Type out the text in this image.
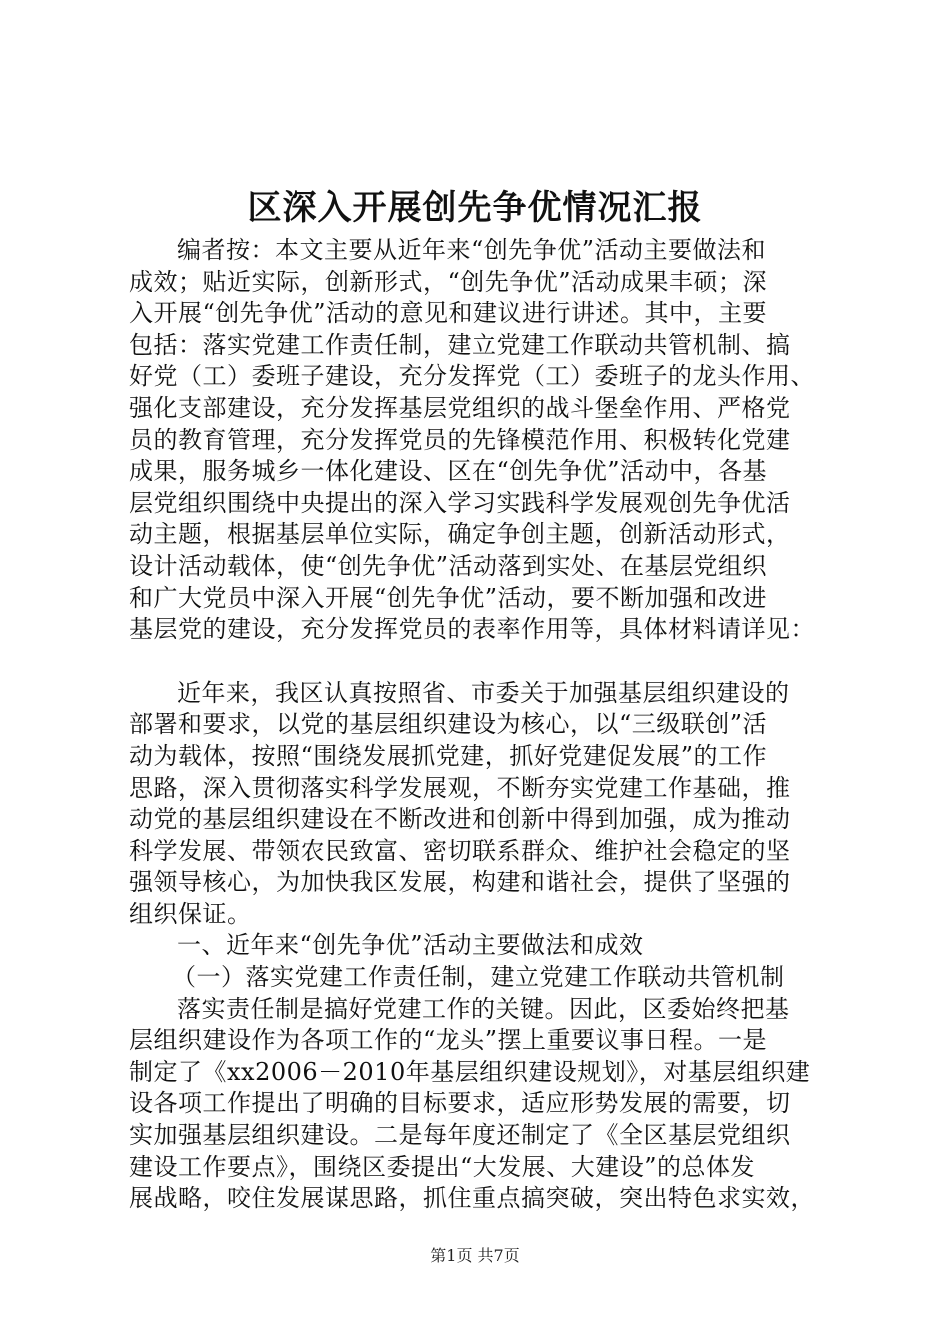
区深入开展创先争优情况汇报
编者按：本文主要从近年来“创先争优”活动主要做法和
成效；贴近实际，创新形式，“创先争优”活动成果丰硕；深
入开展“创先争优”活动的意见和建议进行讲述。其中，主要
包括：落实党建工作责任制，建立党建工作联动共管机制、搞
好党（工）委班子建设，充分发挥党（工）委班子的龙头作用、
强化支部建设，充分发挥基层党组织的战斗堡垒作用、严格党
员的教育管理，充分发挥党员的先锋模范作用、积极转化党建
成果，服务城乡一体化建设、区在“创先争优”活动中，各基
层党组织围绕中央提出的深入学习实践科学发展观创先争优活
动主题，根据基层单位实际，确定争创主题，创新活动形式，
设计活动载体，使“创先争优”活动落到实处、在基层党组织
和广大党员中深入开展“创先争优”活动，要不断加强和改进
基层党的建设，充分发挥党员的表率作用等，具体材料请详见：
近年来，我区认真按照省、市委关于加强基层组织建设的
部署和要求，以党的基层组织建设为核心，以“三级联创”活
动为载体，按照“围绕发展抓党建，抓好党建促发展”的工作
思路，深入贯彻落实科学发展观，不断夯实党建工作基础，推
动党的基层组织建设在不断改进和创新中得到加强，成为推动
科学发展、带领农民致富、密切联系群众、维护社会稳定的坚
强领导核心，为加快我区发展，构建和谐社会，提供了坚强的
组织保证。
一、近年来“创先争优”活动主要做法和成效
（一）落实党建工作责任制，建立党建工作联动共管机制
落实责任制是搞好党建工作的关键。因此，区委始终把基
层组织建设作为各项工作的“龙头”摆上重要议事日程。一是
制定了《xx2006－2010年基层组织建设规划》，对基层组织建
设各项工作提出了明确的目标要求，适应形势发展的需要，切
实加强基层组织建设。二是每年度还制定了《全区基层党组织
建设工作要点》，围绕区委提出“大发展、大建设”的总体发
展战略，咬住发展谋思路，抓住重点搞突破，突出特色求实效，
第1页 共7页
